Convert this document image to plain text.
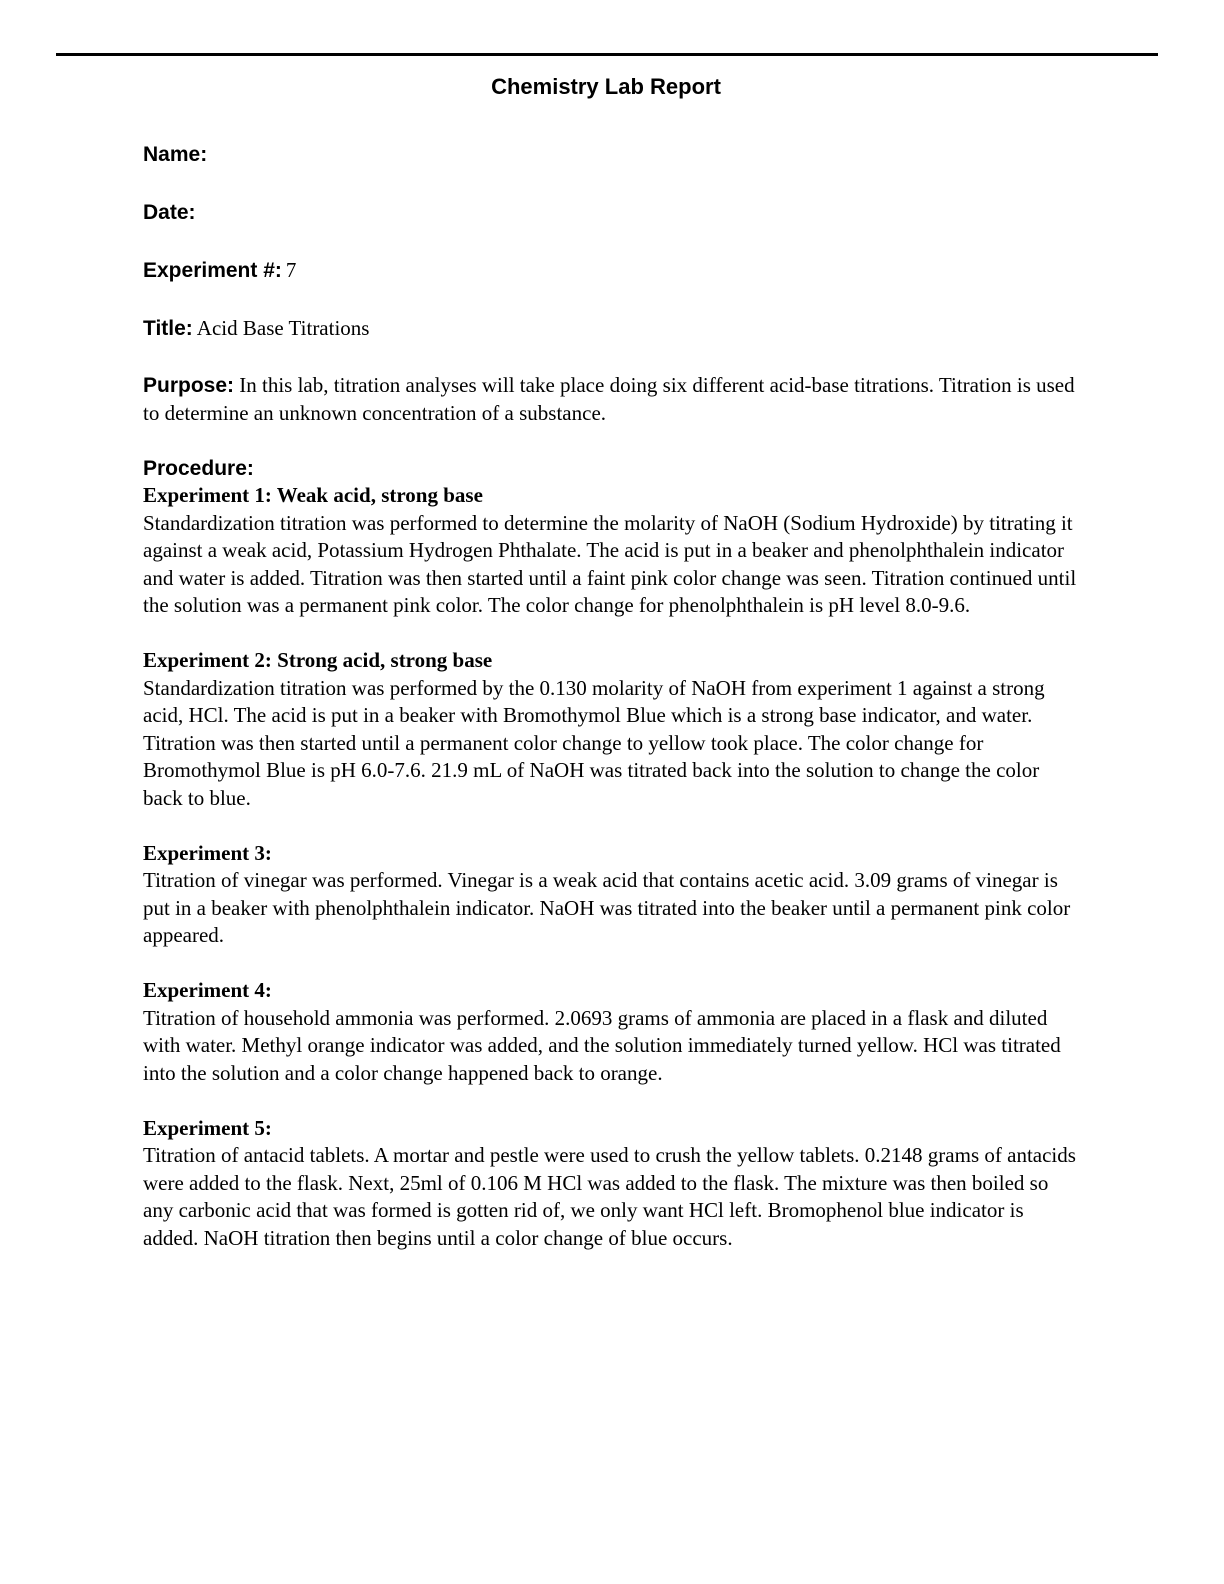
Chemistry Lab Report

Name:

Date:

Experiment #: 7

Title: Acid Base Titrations

Purpose: In this lab, titration analyses will take place doing six different acid-base titrations. Titration is used to determine an unknown concentration of a substance.

Procedure:
Experiment 1: Weak acid, strong base
Standardization titration was performed to determine the molarity of NaOH (Sodium Hydroxide) by titrating it against a weak acid, Potassium Hydrogen Phthalate. The acid is put in a beaker and phenolphthalein indicator and water is added. Titration was then started until a faint pink color change was seen. Titration continued until the solution was a permanent pink color. The color change for phenolphthalein is pH level 8.0-9.6.
Experiment 2: Strong acid, strong base
Standardization titration was performed by the 0.130 molarity of NaOH from experiment 1 against a strong acid, HCl. The acid is put in a beaker with Bromothymol Blue which is a strong base indicator, and water. Titration was then started until a permanent color change to yellow took place. The color change for Bromothymol Blue is pH 6.0-7.6. 21.9 mL of NaOH was titrated back into the solution to change the color back to blue.
Experiment 3:
Titration of vinegar was performed. Vinegar is a weak acid that contains acetic acid. 3.09 grams of vinegar is put in a beaker with phenolphthalein indicator. NaOH was titrated into the beaker until a permanent pink color appeared.
Experiment 4:
Titration of household ammonia was performed. 2.0693 grams of ammonia are placed in a flask and diluted with water. Methyl orange indicator was added, and the solution immediately turned yellow. HCl was titrated into the solution and a color change happened back to orange.
Experiment 5:
Titration of antacid tablets. A mortar and pestle were used to crush the yellow tablets. 0.2148 grams of antacids were added to the flask. Next, 25ml of 0.106 M HCl was added to the flask. The mixture was then boiled so any carbonic acid that was formed is gotten rid of, we only want HCl left. Bromophenol blue indicator is added. NaOH titration then begins until a color change of blue occurs.
